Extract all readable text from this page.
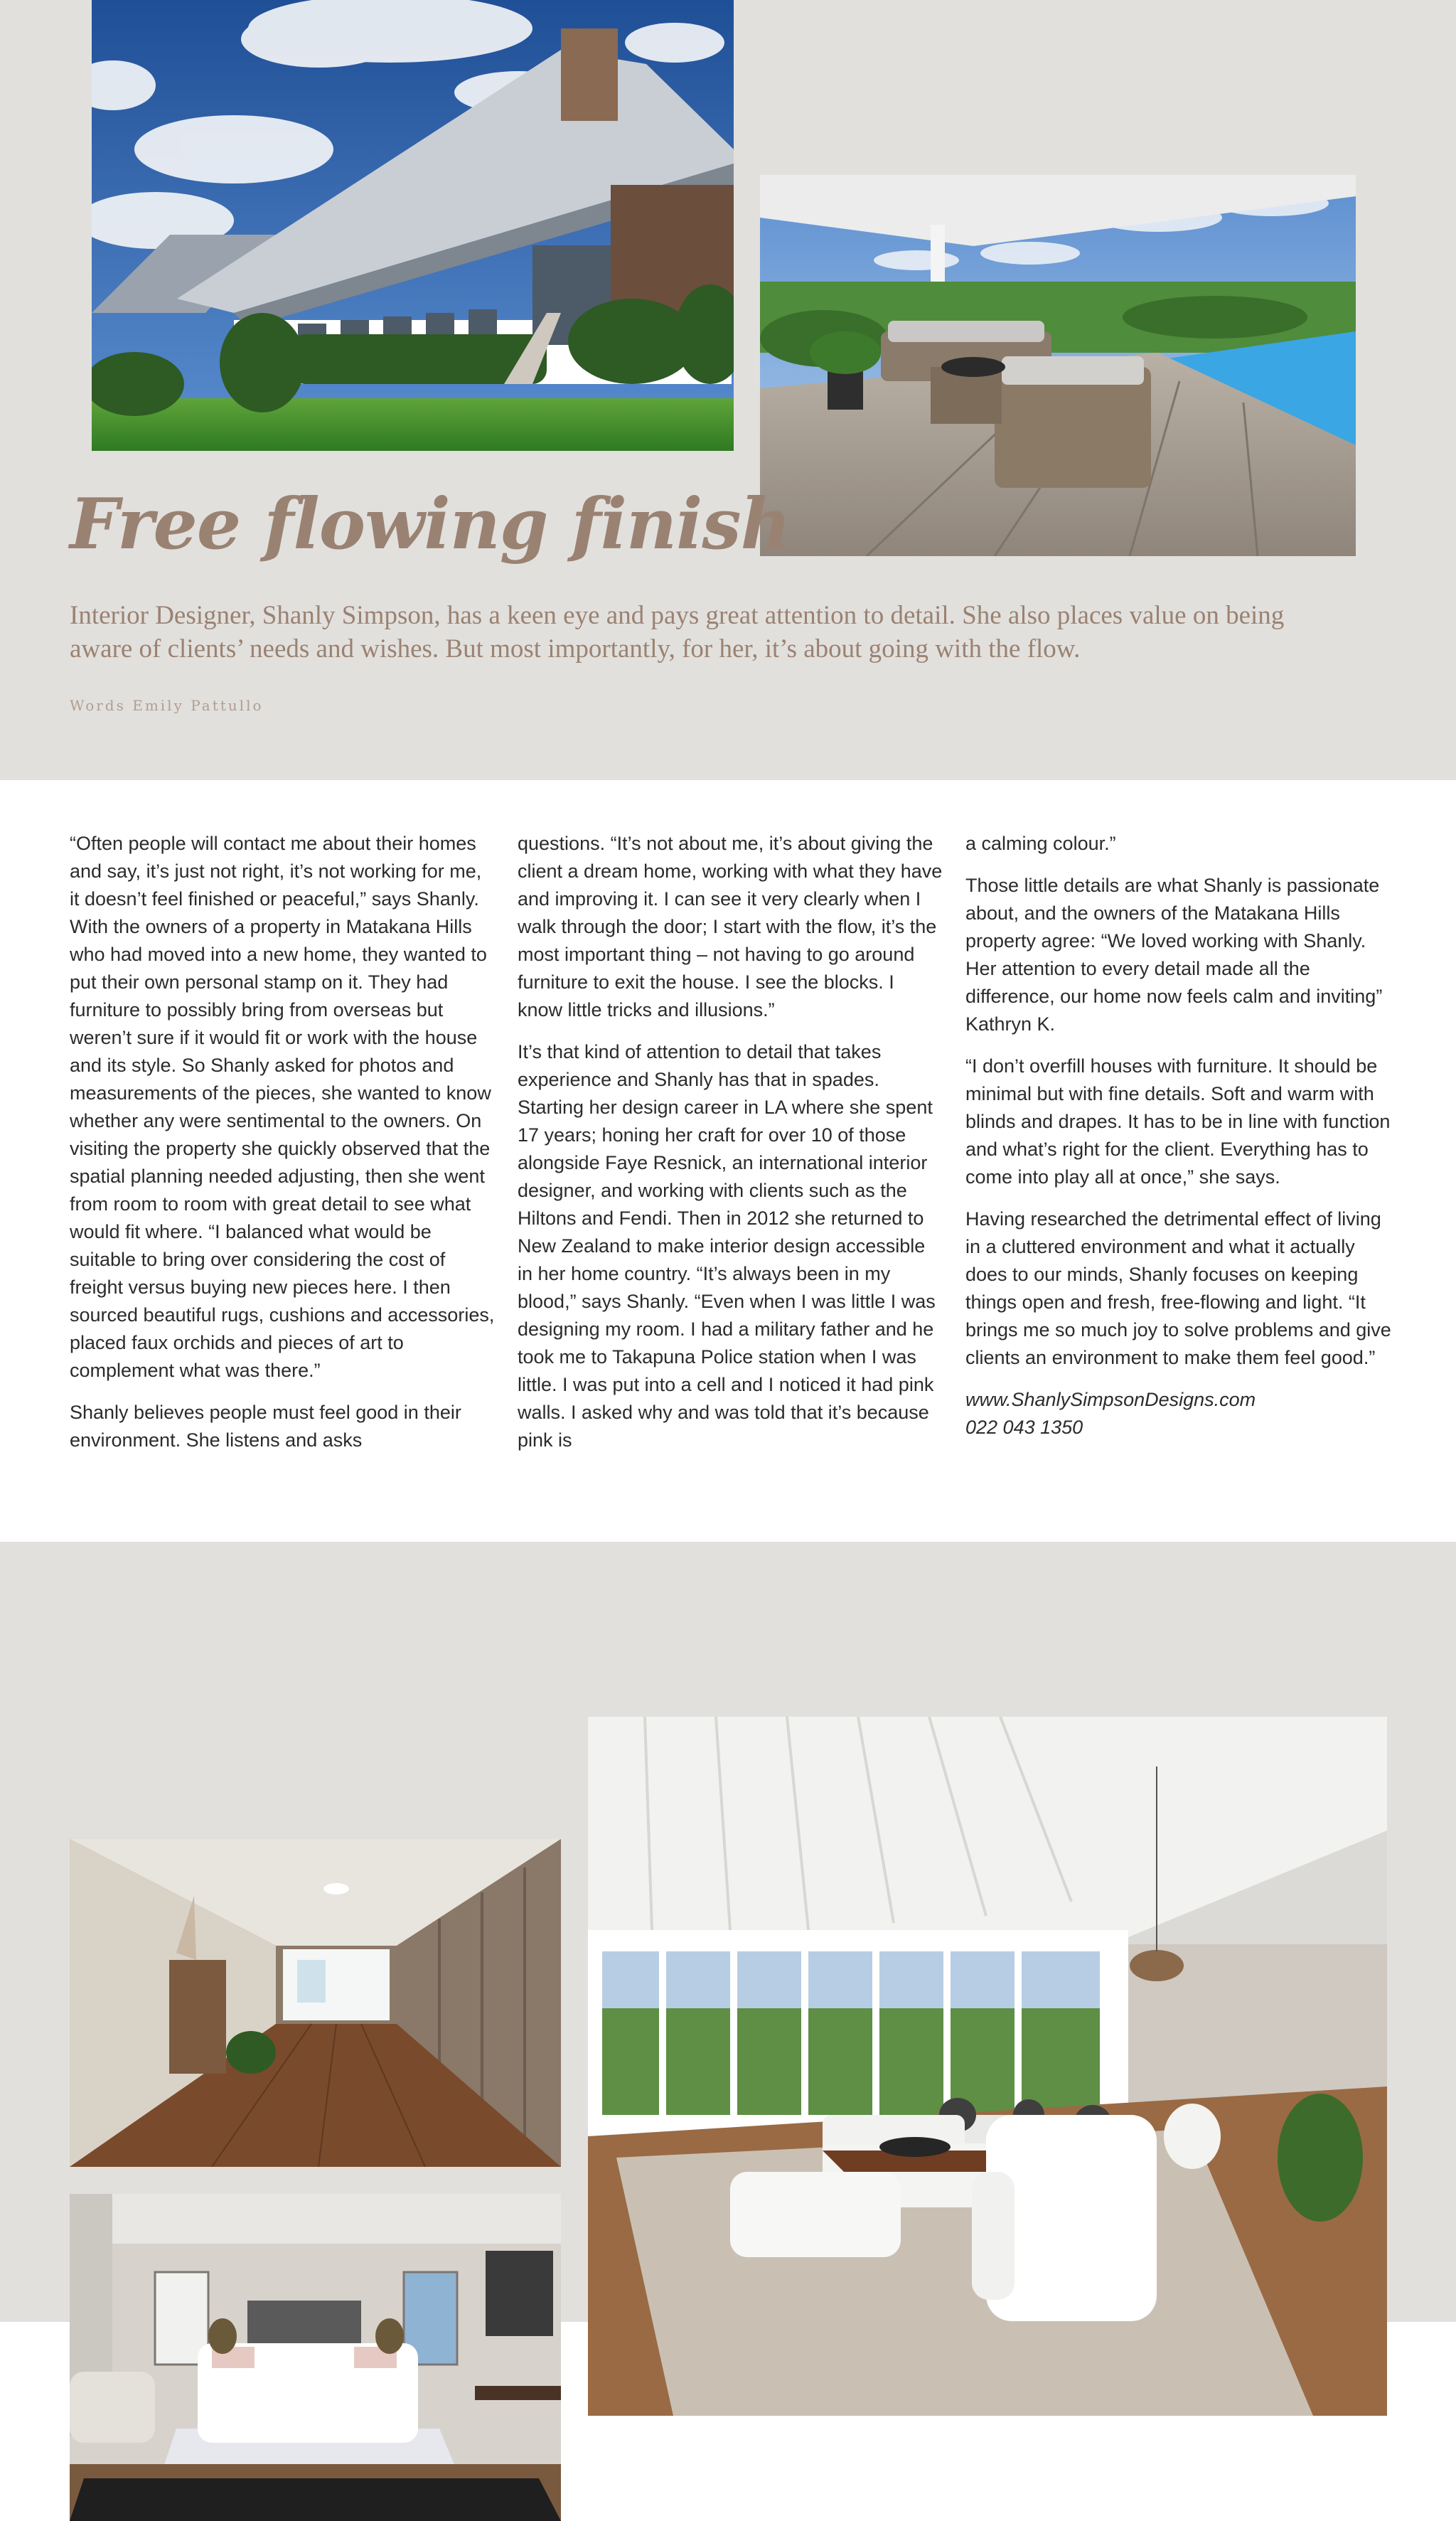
Free flowing finish

Interior Designer, Shanly Simpson, has a keen eye and pays great attention to detail. She also places value on being aware of clients’ needs and wishes. But most importantly, for her, it’s about going with the flow.

Words Emily Pattullo

“Often people will contact me about their homes and say, it’s just not right, it’s not working for me, it doesn’t feel finished or peaceful,” says Shanly. With the owners of a property in Matakana Hills who had moved into a new home, they wanted to put their own personal stamp on it. They had furniture to possibly bring from overseas but weren’t sure if it would fit or work with the house and its style. So Shanly asked for photos and measurements of the pieces, she wanted to know whether any were sentimental to the owners. On visiting the property she quickly observed that the spatial planning needed adjusting, then she went from room to room with great detail to see what would fit where. “I balanced what would be suitable to bring over considering the cost of freight versus buying new pieces here. I then sourced beautiful rugs, cushions and accessories, placed faux orchids and pieces of art to complement what was there.”

Shanly believes people must feel good in their environment. She listens and asks

questions. “It’s not about me, it’s about giving the client a dream home, working with what they have and improving it. I can see it very clearly when I walk through the door; I start with the flow, it’s the most important thing – not having to go around furniture to exit the house. I see the blocks. I know little tricks and illusions.”

It’s that kind of attention to detail that takes experience and Shanly has that in spades. Starting her design career in LA where she spent 17 years; honing her craft for over 10 of those alongside Faye Resnick, an international interior designer, and working with clients such as the Hiltons and Fendi. Then in 2012 she returned to New Zealand to make interior design accessible in her home country. “It’s always been in my blood,” says Shanly. “Even when I was little I was designing my room. I had a military father and he took me to Takapuna Police station when I was little. I was put into a cell and I noticed it had pink walls. I asked why and was told that it’s because pink is

a calming colour.”

Those little details are what Shanly is passionate about, and the owners of the Matakana Hills property agree: “We loved working with Shanly. Her attention to every detail made all the difference, our home now feels calm and inviting” Kathryn K.

“I don’t overfill houses with furniture. It should be minimal but with fine details. Soft and warm with blinds and drapes. It has to be in line with function and what’s right for the client. Everything has to come into play all at once,” she says.

Having researched the detrimental effect of living in a cluttered environment and what it actually does to our minds, Shanly focuses on keeping things open and fresh, free-flowing and light. “It brings me so much joy to solve problems and give clients an environment to make them feel good.”

www.ShanlySimpsonDesigns.com

022 043 1350
